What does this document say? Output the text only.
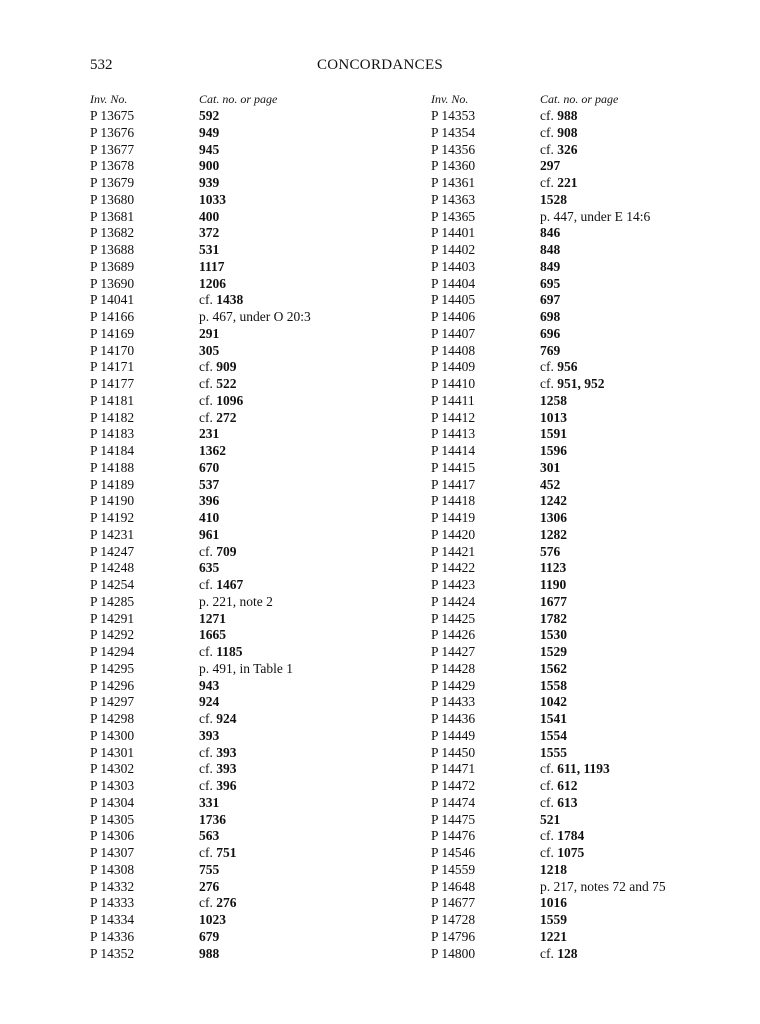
532	CONCORDANCES
Inv. No.	Cat. no. or page
P 13675	592
P 13676	949
P 13677	945
P 13678	900
P 13679	939
P 13680	1033
P 13681	400
P 13682	372
P 13688	531
P 13689	1117
P 13690	1206
P 14041	cf. 1438
P 14166	p. 467, under O 20:3
P 14169	291
P 14170	305
P 14171	cf. 909
P 14177	cf. 522
P 14181	cf. 1096
P 14182	cf. 272
P 14183	231
P 14184	1362
P 14188	670
P 14189	537
P 14190	396
P 14192	410
P 14231	961
P 14247	cf. 709
P 14248	635
P 14254	cf. 1467
P 14285	p. 221, note 2
P 14291	1271
P 14292	1665
P 14294	cf. 1185
P 14295	p. 491, in Table 1
P 14296	943
P 14297	924
P 14298	cf. 924
P 14300	393
P 14301	cf. 393
P 14302	cf. 393
P 14303	cf. 396
P 14304	331
P 14305	1736
P 14306	563
P 14307	cf. 751
P 14308	755
P 14332	276
P 14333	cf. 276
P 14334	1023
P 14336	679
P 14352	988
Inv. No.	Cat. no. or page
P 14353	cf. 988
P 14354	cf. 908
P 14356	cf. 326
P 14360	297
P 14361	cf. 221
P 14363	1528
P 14365	p. 447, under E 14:6
P 14401	846
P 14402	848
P 14403	849
P 14404	695
P 14405	697
P 14406	698
P 14407	696
P 14408	769
P 14409	cf. 956
P 14410	cf. 951, 952
P 14411	1258
P 14412	1013
P 14413	1591
P 14414	1596
P 14415	301
P 14417	452
P 14418	1242
P 14419	1306
P 14420	1282
P 14421	576
P 14422	1123
P 14423	1190
P 14424	1677
P 14425	1782
P 14426	1530
P 14427	1529
P 14428	1562
P 14429	1558
P 14433	1042
P 14436	1541
P 14449	1554
P 14450	1555
P 14471	cf. 611, 1193
P 14472	cf. 612
P 14474	cf. 613
P 14475	521
P 14476	cf. 1784
P 14546	cf. 1075
P 14559	1218
P 14648	p. 217, notes 72 and 75
P 14677	1016
P 14728	1559
P 14796	1221
P 14800	cf. 128
